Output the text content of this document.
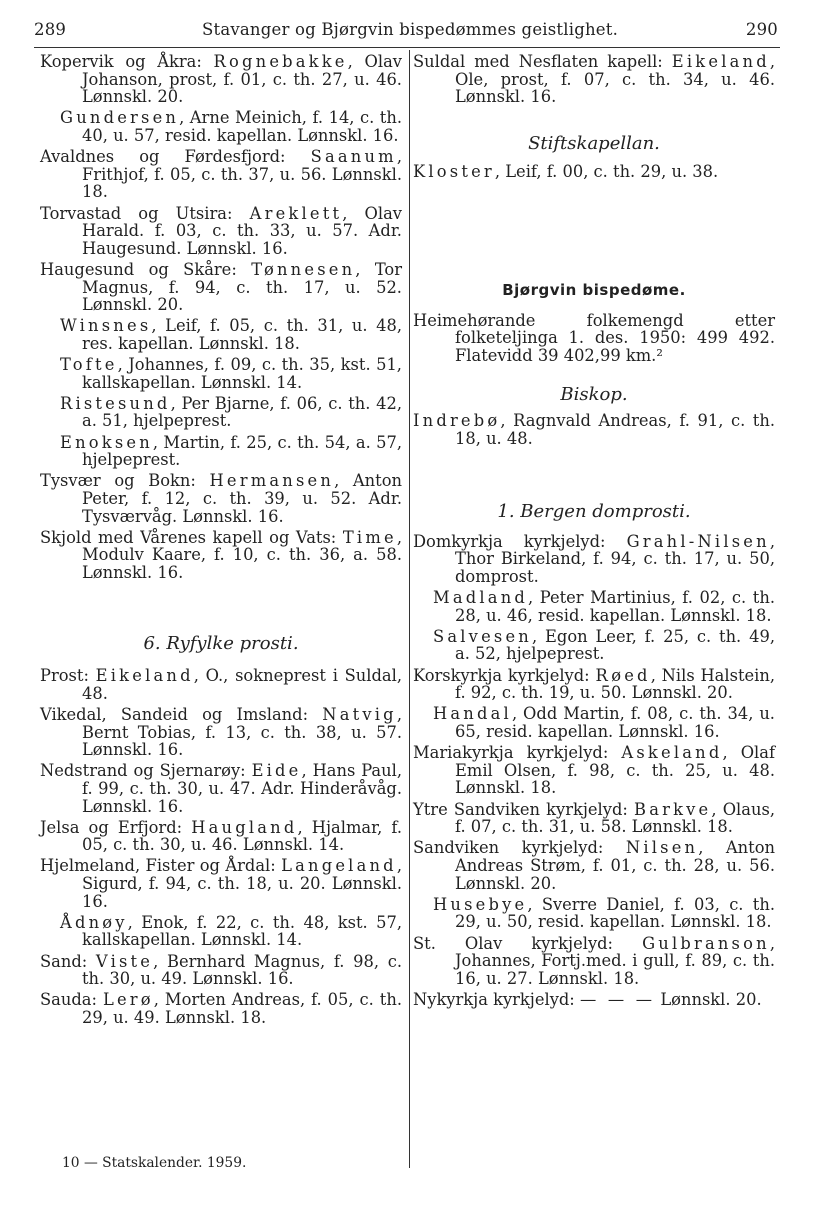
289	Stavanger og Bjørgvin bispedømmes geistlighet.	290

Kopervik og Åkra: Rognebakke, Olav Johanson, prost, f. 01, c. th. 27, u. 46. Lønnskl. 20.

Gundersen, Arne Meinich, f. 14, c. th. 40, u. 57, resid. kapellan. Lønnskl. 16.

Avaldnes og Førdesfjord: Saanum, Frithjof, f. 05, c. th. 37, u. 56. Lønnskl. 18.

Torvastad og Utsira: Areklett, Olav Harald. f. 03, c. th. 33, u. 57. Adr. Haugesund. Lønnskl. 16.

Haugesund og Skåre: Tønnesen, Tor Magnus, f. 94, c. th. 17, u. 52. Lønnskl. 20.

Winsnes, Leif, f. 05, c. th. 31, u. 48, res. kapellan. Lønnskl. 18.

Tofte, Johannes, f. 09, c. th. 35, kst. 51, kallskapellan. Lønnskl. 14.

Ristesund, Per Bjarne, f. 06, c. th. 42, a. 51, hjelpeprest.

Enoksen, Martin, f. 25, c. th. 54, a. 57, hjelpeprest.

Tysvær og Bokn: Hermansen, Anton Peter, f. 12, c. th. 39, u. 52. Adr. Tysværvåg. Lønnskl. 16.

Skjold med Vårenes kapell og Vats: Time, Modulv Kaare, f. 10, c. th. 36, a. 58. Lønnskl. 16.

6. Ryfylke prosti.

Prost: Eikeland, O., sokneprest i Suldal, 48.

Vikedal, Sandeid og Imsland: Natvig, Bernt Tobias, f. 13, c. th. 38, u. 57. Lønnskl. 16.

Nedstrand og Sjernarøy: Eide, Hans Paul, f. 99, c. th. 30, u. 47. Adr. Hinderåvåg. Lønnskl. 16.

Jelsa og Erfjord: Haugland, Hjalmar, f. 05, c. th. 30, u. 46. Lønnskl. 14.

Hjelmeland, Fister og Årdal: Langeland, Sigurd, f. 94, c. th. 18, u. 20. Lønnskl. 16.

Ådnøy, Enok, f. 22, c. th. 48, kst. 57, kallskapellan. Lønnskl. 14.

Sand: Viste, Bernhard Magnus, f. 98, c. th. 30, u. 49. Lønnskl. 16.

Sauda: Lerø, Morten Andreas, f. 05, c. th. 29, u. 49. Lønnskl. 18.

Suldal med Nesflaten kapell: Eikeland, Ole, prost, f. 07, c. th. 34, u. 46. Lønnskl. 16.

Stiftskapellan.

Kloster, Leif, f. 00, c. th. 29, u. 38.

Bjørgvin bispedøme.

Heimehørande folkemengd etter folketeljinga 1. des. 1950: 499 492. Flatevidd 39 402,99 km.²

Biskop.

Indrebø, Ragnvald Andreas, f. 91, c. th. 18, u. 48.

1. Bergen domprosti.

Domkyrkja kyrkjelyd: Grahl-Nilsen, Thor Birkeland, f. 94, c. th. 17, u. 50, domprost.

Madland, Peter Martinius, f. 02, c. th. 28, u. 46, resid. kapellan. Lønnskl. 18.

Salvesen, Egon Leer, f. 25, c. th. 49, a. 52, hjelpeprest.

Korskyrkja kyrkjelyd: Røed, Nils Halstein, f. 92, c. th. 19, u. 50. Lønnskl. 20.

Handal, Odd Martin, f. 08, c. th. 34, u. 65, resid. kapellan. Lønnskl. 16.

Mariakyrkja kyrkjelyd: Askeland, Olaf Emil Olsen, f. 98, c. th. 25, u. 48. Lønnskl. 18.

Ytre Sandviken kyrkjelyd: Barkve, Olaus, f. 07, c. th. 31, u. 58. Lønnskl. 18.

Sandviken kyrkjelyd: Nilsen, Anton Andreas Strøm, f. 01, c. th. 28, u. 56. Lønnskl. 20.

Husebye, Sverre Daniel, f. 03, c. th. 29, u. 50, resid. kapellan. Lønnskl. 18.

St. Olav kyrkjelyd: Gulbranson, Johannes, Fortj.med. i gull, f. 89, c. th. 16, u. 27. Lønnskl. 18.

Nykyrkja kyrkjelyd: — — — Lønnskl. 20.

10 — Statskalender. 1959.
